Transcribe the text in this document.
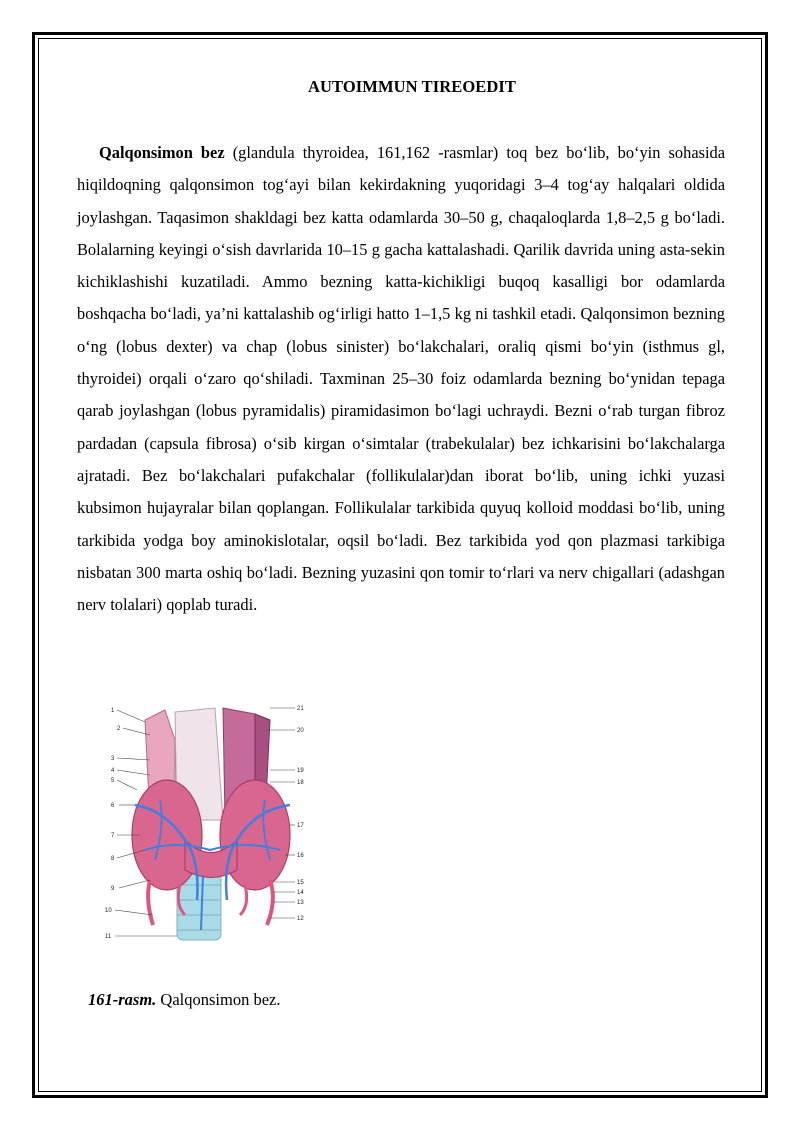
AUTOIMMUN TIREOEDIT

Qalqonsimon bez (glandula thyroidea, 161,162 -rasmlar) toq bez bo‘lib, bo‘yin sohasida hiqildoqning qalqonsimon tog‘ayi bilan kekirdakning yuqoridagi 3–4 tog‘ay halqalari oldida joylashgan. Taqasimon shakldagi bez katta odamlarda 30–50 g, chaqaloqlarda 1,8–2,5 g bo‘ladi. Bolalarning keyingi o‘sish davrlarida 10–15 g gacha kattalashadi. Qarilik davrida uning asta-sekin kichiklashishi kuzatiladi. Ammo bezning katta-kichikligi buqoq kasalligi bor odamlarda boshqacha bo‘ladi, ya’ni kattalashib og‘irligi hatto 1–1,5 kg ni tashkil etadi. Qalqonsimon bezning o‘ng (lobus dexter) va chap (lobus sinister) bo‘lakchalari, oraliq qismi bo‘yin (isthmus gl, thyroidei) orqali o‘zaro qo‘shiladi. Taxminan 25–30 foiz odamlarda bezning bo‘ynidan tepaga qarab joylashgan (lobus pyramidalis) piramidasimon bo‘lagi uchraydi. Bezni o‘rab turgan fibroz pardadan (capsula fibrosa) o‘sib kirgan o‘simtalar (trabekulalar) bez ichkarisini bo‘lakchalarga ajratadi. Bez bo‘lakchalari pufakchalar (follikulalar)dan iborat bo‘lib, uning ichki yuzasi kubsimon hujayralar bilan qoplangan. Follikulalar tarkibida quyuq kolloid moddasi bo‘lib, uning tarkibida yodga boy aminokislotalar, oqsil bo‘ladi. Bez tarkibida yod qon plazmasi tarkibiga nisbatan 300 marta oshiq bo‘ladi. Bezning yuzasini qon tomir to‘rlari va nerv chigallari (adashgan nerv tolalari) qoplab turadi.

1
2
3
4
5
6
7
8
9
10
11
21
20
19
18
17
16
15
14
13
12
161-rasm. Qalqonsimon bez.
